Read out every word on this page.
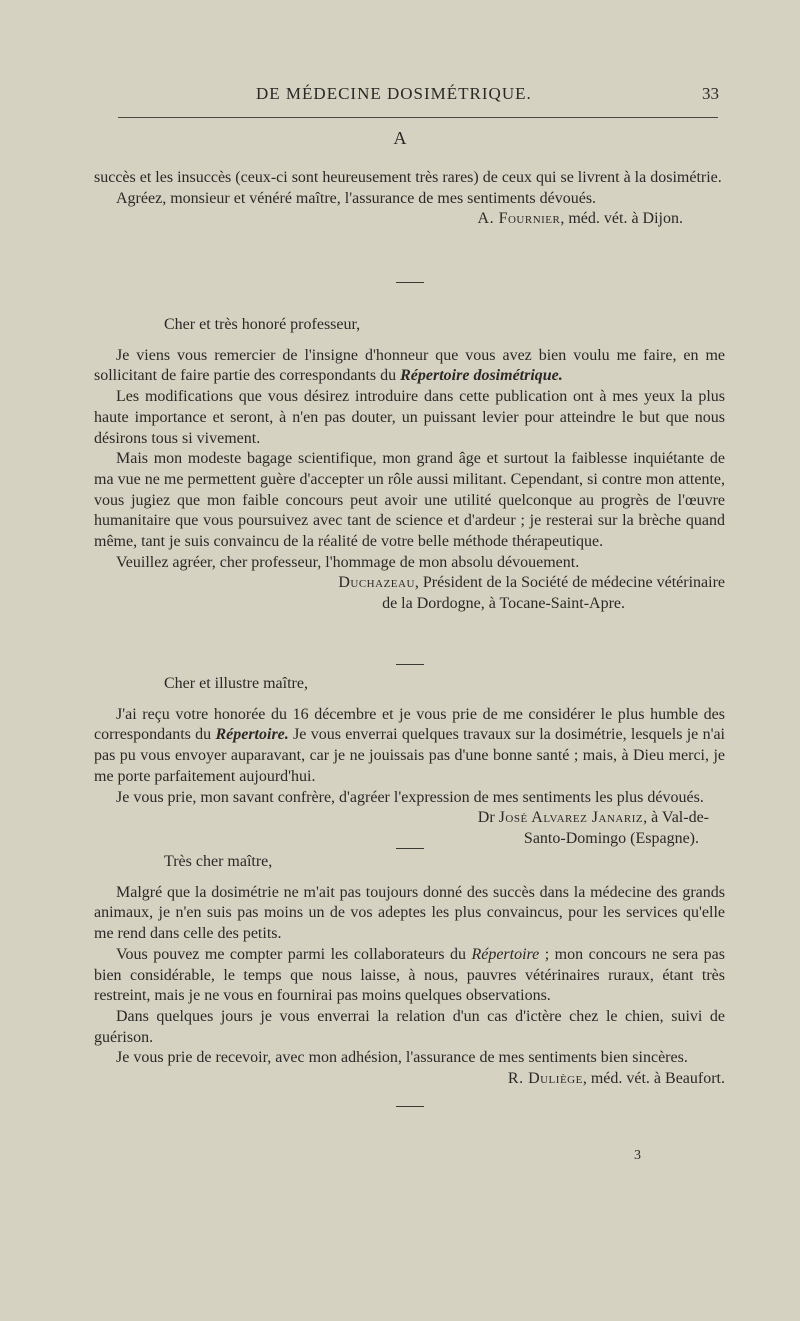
DE MÉDECINE DOSIMÉTRIQUE.	33
A

succès et les insuccès (ceux-ci sont heureusement très rares) de ceux qui se livrent à la dosimétrie.

Agréez, monsieur et vénéré maître, l'assurance de mes sentiments dévoués.

A. Fournier, méd. vét. à Dijon.

Cher et très honoré professeur,

Je viens vous remercier de l'insigne d'honneur que vous avez bien voulu me faire, en me sollicitant de faire partie des correspondants du Répertoire dosimétrique.

Les modifications que vous désirez introduire dans cette publication ont à mes yeux la plus haute importance et seront, à n'en pas douter, un puissant levier pour atteindre le but que nous désirons tous si vivement.

Mais mon modeste bagage scientifique, mon grand âge et surtout la faiblesse inquiétante de ma vue ne me permettent guère d'accepter un rôle aussi militant. Cependant, si contre mon attente, vous jugiez que mon faible concours peut avoir une utilité quelconque au progrès de l'œuvre humanitaire que vous poursuivez avec tant de science et d'ardeur ; je resterai sur la brèche quand même, tant je suis convaincu de la réalité de votre belle méthode thérapeutique.

Veuillez agréer, cher professeur, l'hommage de mon absolu dévouement.

Duchazeau, Président de la Société de médecine vétérinaire

de la Dordogne, à Tocane-Saint-Apre.

Cher et illustre maître,

J'ai reçu votre honorée du 16 décembre et je vous prie de me considérer le plus humble des correspondants du Répertoire. Je vous enverrai quelques travaux sur la dosimétrie, lesquels je n'ai pas pu vous envoyer auparavant, car je ne jouissais pas d'une bonne santé ; mais, à Dieu merci, je me porte parfaitement aujourd'hui.

Je vous prie, mon savant confrère, d'agréer l'expression de mes sentiments les plus dévoués.

Dr José Alvarez Janariz, à Val-de-

Santo-Domingo (Espagne).

Très cher maître,

Malgré que la dosimétrie ne m'ait pas toujours donné des succès dans la médecine des grands animaux, je n'en suis pas moins un de vos adeptes les plus convaincus, pour les services qu'elle me rend dans celle des petits.

Vous pouvez me compter parmi les collaborateurs du Répertoire ; mon concours ne sera pas bien considérable, le temps que nous laisse, à nous, pauvres vétérinaires ruraux, étant très restreint, mais je ne vous en fournirai pas moins quelques observations.

Dans quelques jours je vous enverrai la relation d'un cas d'ictère chez le chien, suivi de guérison.

Je vous prie de recevoir, avec mon adhésion, l'assurance de mes sentiments bien sincères.

R. Duliège, méd. vét. à Beaufort.

3
